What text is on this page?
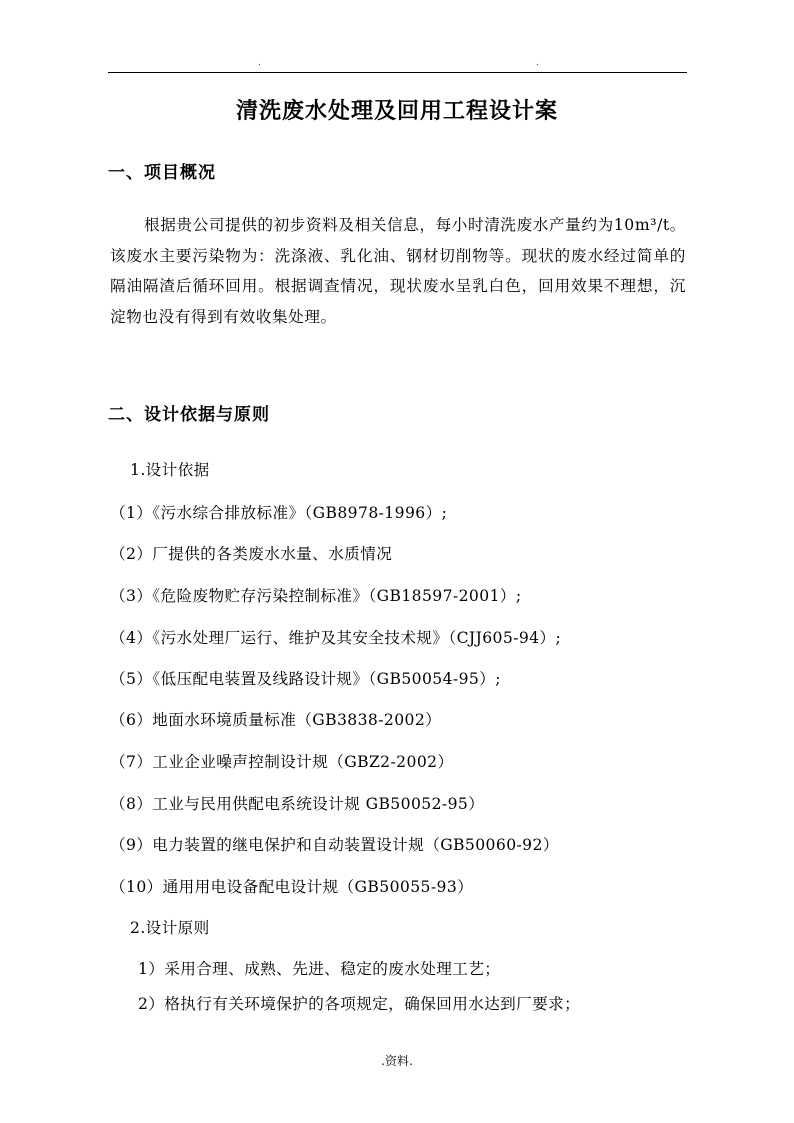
.	.
清洗废水处理及回用工程设计案
一、项目概况
根据贵公司提供的初步资料及相关信息，每小时清洗废水产量约为10m³/t。该废水主要污染物为：洗涤液、乳化油、钢材切削物等。现状的废水经过简单的隔油隔渣后循环回用。根据调查情况，现状废水呈乳白色，回用效果不理想，沉淀物也没有得到有效收集处理。
二、设计依据与原则
1.设计依据
（1）《污水综合排放标准》（GB8978-1996）;
（2）厂提供的各类废水水量、水质情况
（3）《危险废物贮存污染控制标准》（GB18597-2001）;
（4）《污水处理厂运行、维护及其安全技术规》（CJJ605-94）;
（5）《低压配电装置及线路设计规》（GB50054-95）;
（6）地面水环境质量标准（GB3838-2002）
（7）工业企业噪声控制设计规（GBZ2-2002）
（8）工业与民用供配电系统设计规 GB50052-95）
（9）电力装置的继电保护和自动装置设计规（GB50060-92）
（10）通用用电设备配电设计规（GB50055-93）
2.设计原则
1）采用合理、成熟、先进、稳定的废水处理工艺；
2）格执行有关环境保护的各项规定，确保回用水达到厂要求；
.资料.
